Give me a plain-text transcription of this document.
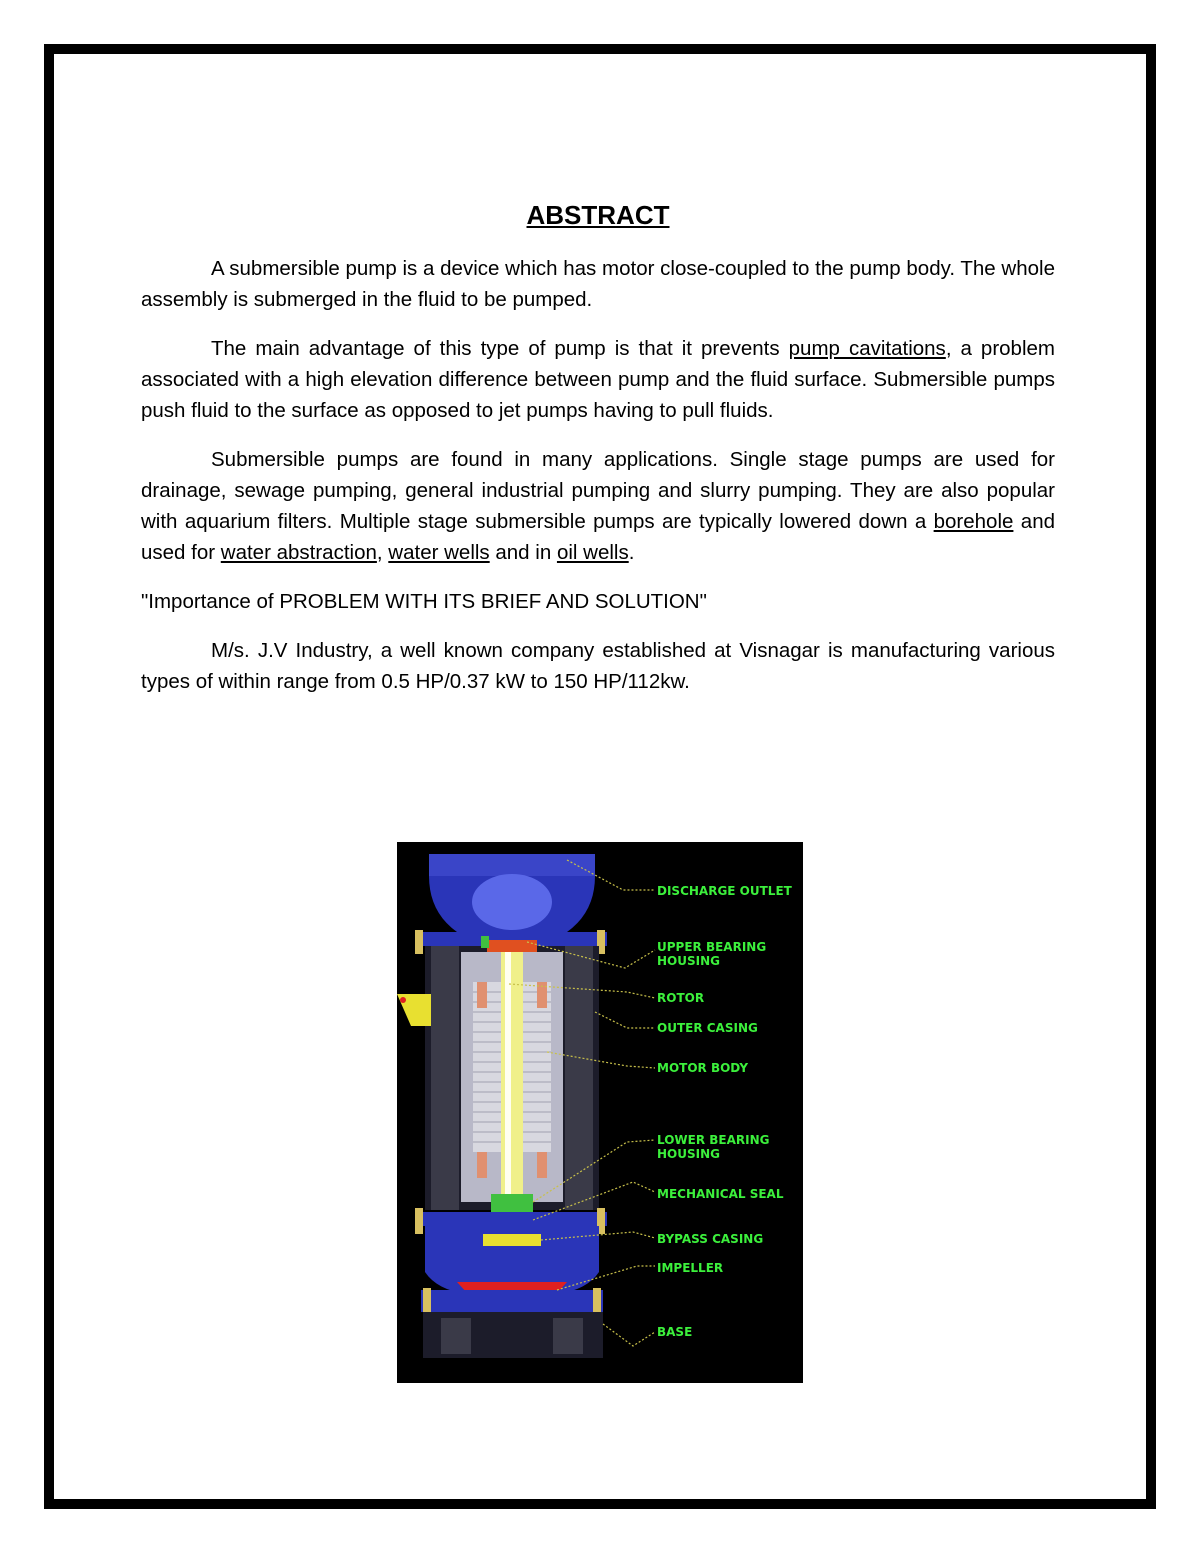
ABSTRACT

A submersible pump is a device which has motor close-coupled to the pump body. The whole assembly is submerged in the fluid to be pumped.

The main advantage of this type of pump is that it prevents pump cavitations, a problem associated with a high elevation difference between pump and the fluid surface. Submersible pumps push fluid to the surface as opposed to jet pumps having to pull fluids.

Submersible pumps are found in many applications. Single stage pumps are used for drainage, sewage pumping, general industrial pumping and slurry pumping. They are also popular with aquarium filters. Multiple stage submersible pumps are typically lowered down a borehole and used for water abstraction, water wells and in oil wells.

"Importance of PROBLEM WITH ITS BRIEF AND SOLUTION"

M/s. J.V Industry, a well known company established at Visnagar is manufacturing various types of within range from 0.5 HP/0.37 kW to 150 HP/112kw.

DISCHARGE OUTLET
UPPER BEARING
HOUSING
ROTOR
OUTER CASING
MOTOR BODY
LOWER BEARING
HOUSING
MECHANICAL SEAL
BYPASS CASING
IMPELLER
BASE
